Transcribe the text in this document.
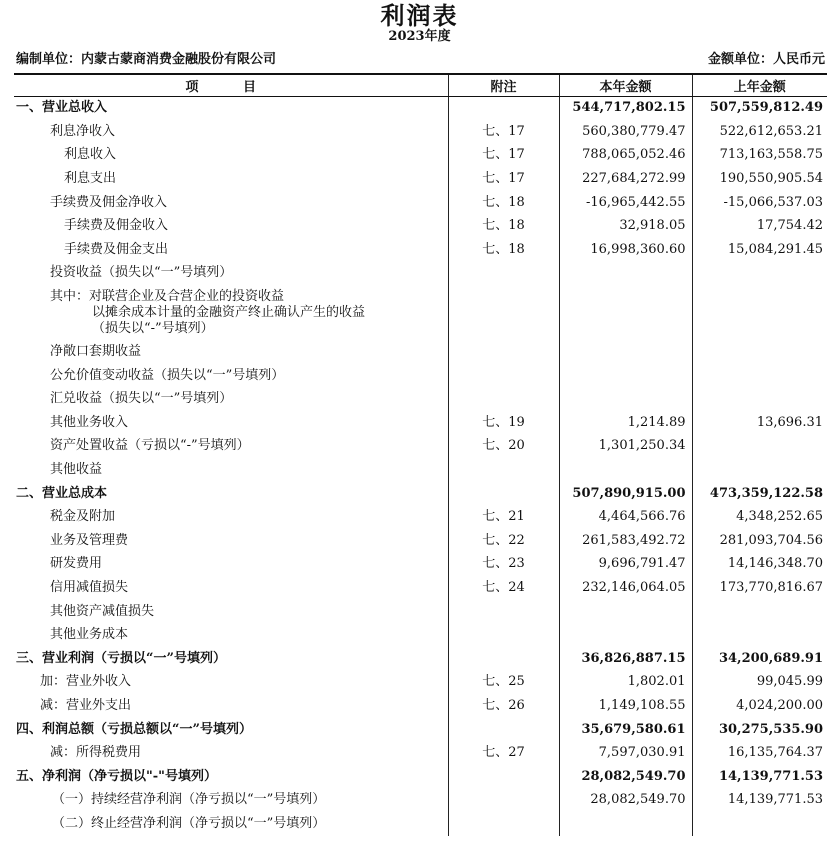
利润表
2023年度
编制单位：内蒙古蒙商消费金融股份有限公司	金额单位：人民币元
项 目	附注	本年金额	上年金额
一、营业总收入		544,717,802.15	507,559,812.49
利息净收入	七、17	560,380,779.47	522,612,653.21
利息收入	七、17	788,065,052.46	713,163,558.75
利息支出	七、17	227,684,272.99	190,550,905.54
手续费及佣金净收入	七、18	-16,965,442.55	-15,066,537.03
手续费及佣金收入	七、18	32,918.05	17,754.42
手续费及佣金支出	七、18	16,998,360.60	15,084,291.45
投资收益（损失以“一”号填列）			

其中：对联营企业及合营企业的投资收益
以摊余成本计量的金融资产终止确认产生的收益
（损失以“-”号填列）			

净敞口套期收益			
公允价值变动收益（损失以“一”号填列）			
汇兑收益（损失以“一”号填列）			
其他业务收入	七、19	1,214.89	13,696.31
资产处置收益（亏损以“-”号填列）	七、20	1,301,250.34	
其他收益			
二、营业总成本		507,890,915.00	473,359,122.58
税金及附加	七、21	4,464,566.76	4,348,252.65
业务及管理费	七、22	261,583,492.72	281,093,704.56
研发费用	七、23	9,696,791.47	14,146,348.70
信用减值损失	七、24	232,146,064.05	173,770,816.67
其他资产减值损失			
其他业务成本			
三、营业利润（亏损以“一”号填列）		36,826,887.15	34,200,689.91
加：营业外收入	七、25	1,802.01	99,045.99
减：营业外支出	七、26	1,149,108.55	4,024,200.00
四、利润总额（亏损总额以“一”号填列）		35,679,580.61	30,275,535.90
减：所得税费用	七、27	7,597,030.91	16,135,764.37
五、净利润（净亏损以"-"号填列）		28,082,549.70	14,139,771.53
（一）持续经营净利润（净亏损以“一”号填列）		28,082,549.70	14,139,771.53
（二）终止经营净利润（净亏损以“一”号填列）			
